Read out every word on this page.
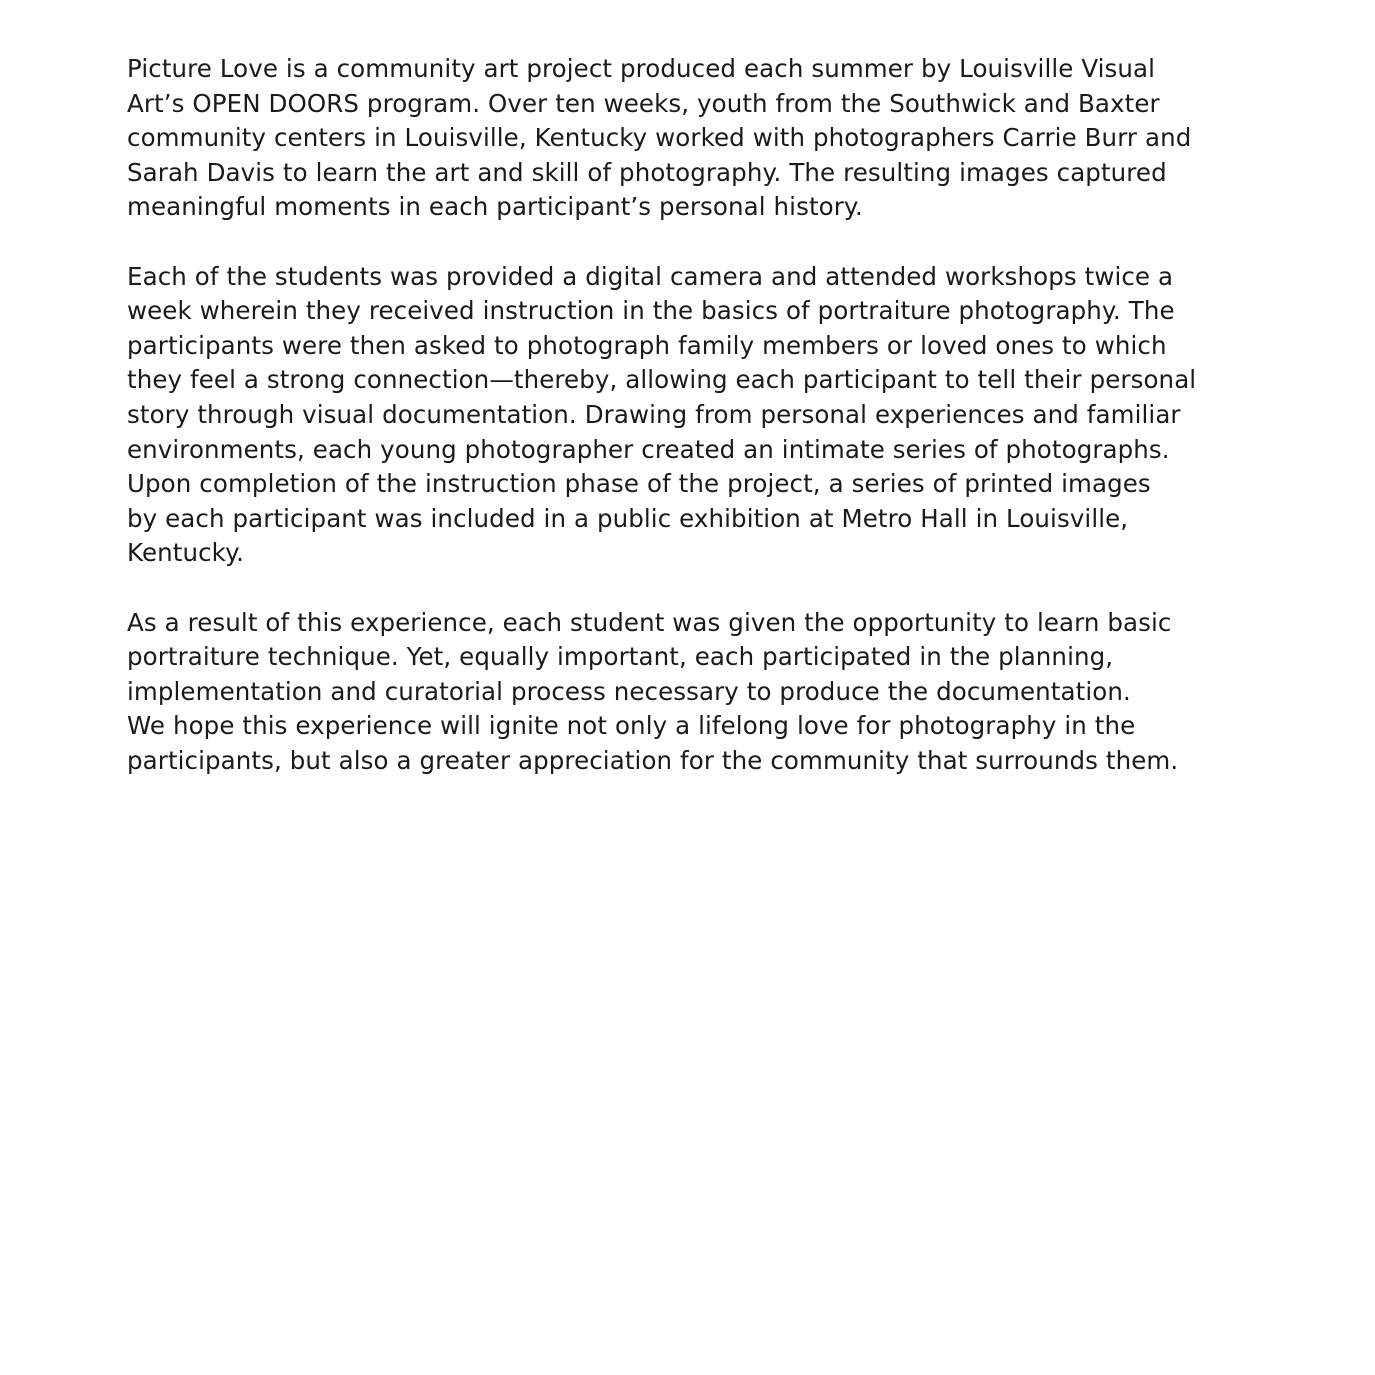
Picture Love is a community art project produced each summer by Louisville Visual
Art’s OPEN DOORS program. Over ten weeks, youth from the Southwick and Baxter
community centers in Louisville, Kentucky worked with photographers Carrie Burr and
Sarah Davis to learn the art and skill of photography. The resulting images captured
meaningful moments in each participant’s personal history.

Each of the students was provided a digital camera and attended workshops twice a
week wherein they received instruction in the basics of portraiture photography. The
participants were then asked to photograph family members or loved ones to which
they feel a strong connection—thereby, allowing each participant to tell their personal
story through visual documentation. Drawing from personal experiences and familiar
environments, each young photographer created an intimate series of photographs.
Upon completion of the instruction phase of the project, a series of printed images
by each participant was included in a public exhibition at Metro Hall in Louisville,
Kentucky.

As a result of this experience, each student was given the opportunity to learn basic
portraiture technique. Yet, equally important, each participated in the planning,
implementation and curatorial process necessary to produce the documentation.
We hope this experience will ignite not only a lifelong love for photography in the
participants, but also a greater appreciation for the community that surrounds them.
